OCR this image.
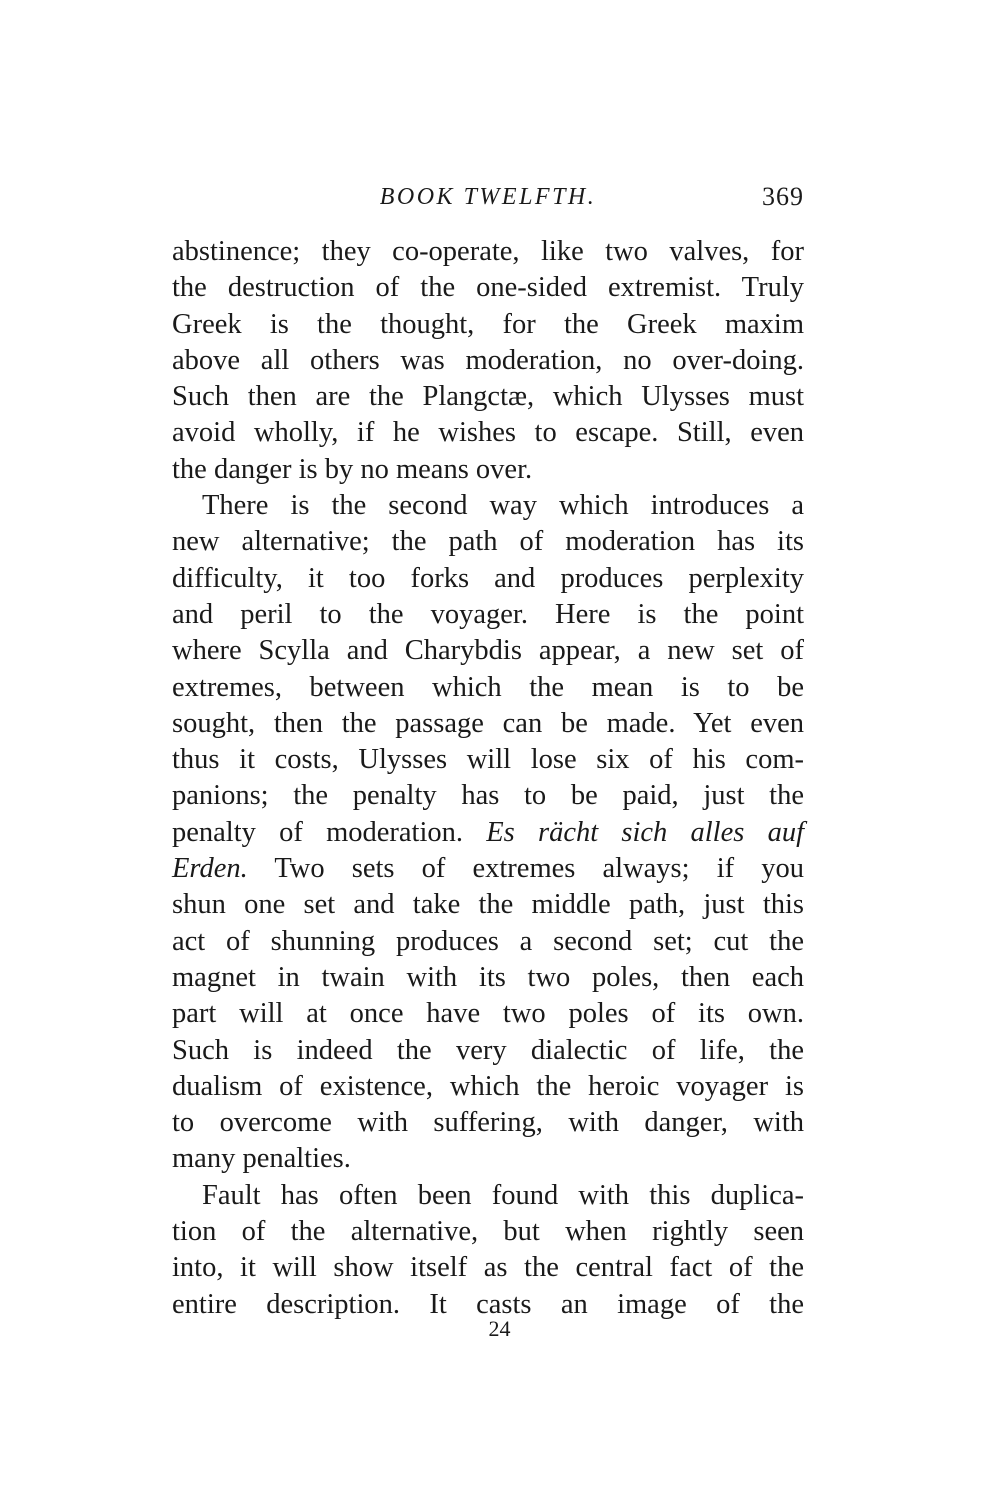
BOOK TWELFTH.	369
abstinence; they co-operate, like two valves, for
the destruction of the one-sided extremist. Truly
Greek is the thought, for the Greek maxim
above all others was moderation, no over-doing.
Such then are the Plangctæ, which Ulysses must
avoid wholly, if he wishes to escape. Still, even
the danger is by no means over.
There is the second way which introduces a
new alternative; the path of moderation has its
difficulty, it too forks and produces perplexity
and peril to the voyager. Here is the point
where Scylla and Charybdis appear, a new set of
extremes, between which the mean is to be
sought, then the passage can be made. Yet even
thus it costs, Ulysses will lose six of his com-
panions; the penalty has to be paid, just the
penalty of moderation. Es rächt sich alles auf
Erden. Two sets of extremes always; if you
shun one set and take the middle path, just this
act of shunning produces a second set; cut the
magnet in twain with its two poles, then each
part will at once have two poles of its own.
Such is indeed the very dialectic of life, the
dualism of existence, which the heroic voyager is
to overcome with suffering, with danger, with
many penalties.
Fault has often been found with this duplica-
tion of the alternative, but when rightly seen
into, it will show itself as the central fact of the
entire description. It casts an image of the
24
